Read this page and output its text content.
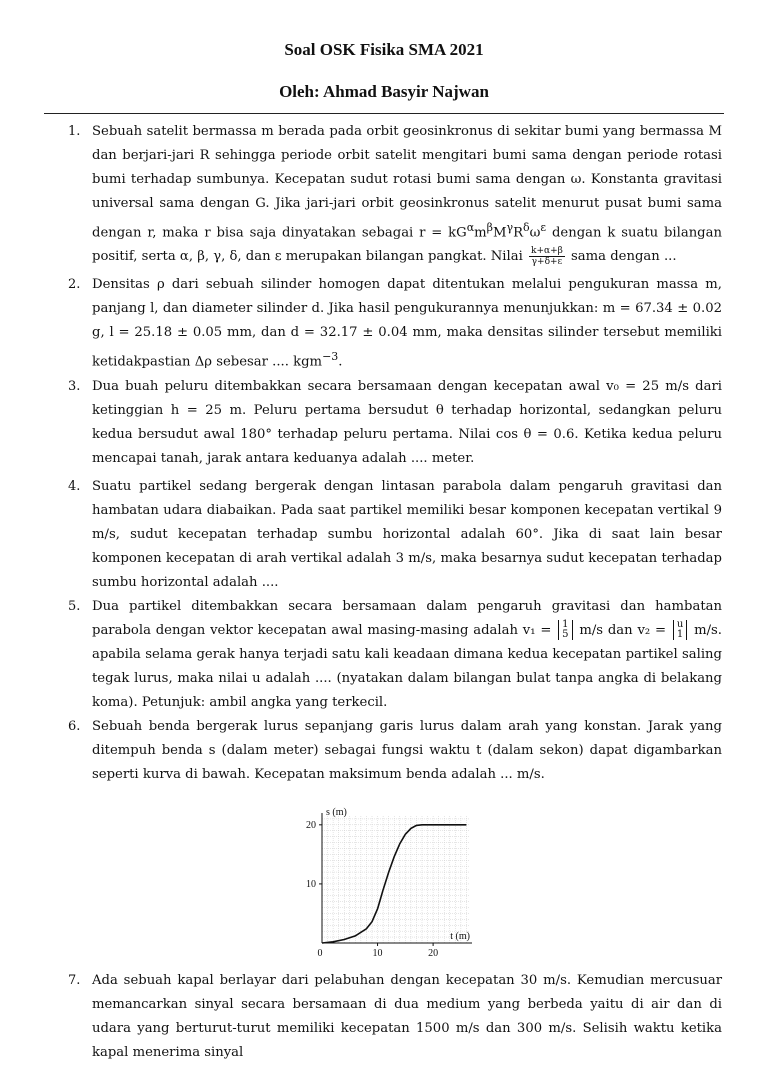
Soal OSK Fisika SMA 2021
Oleh: Ahmad Basyir Najwan
1. Sebuah satelit bermassa m berada pada orbit geosinkronus di sekitar bumi yang bermassa M dan berjari-jari R sehingga periode orbit satelit mengitari bumi sama dengan periode rotasi bumi terhadap sumbunya. Kecepatan sudut rotasi bumi sama dengan ω. Konstanta gravitasi universal sama dengan G. Jika jari-jari orbit geosinkronus satelit menurut pusat bumi sama dengan r, maka r bisa saja dinyatakan sebagai $r = kG^\alpha m^\beta M^\gamma R^\delta\omega^\varepsilon$ dengan k suatu bilangan positif, serta α, β, γ, δ, dan ε merupakan bilangan pangkat. Nilai $\frac{k+\alpha+\beta}{\gamma+\delta+\varepsilon}$ sama dengan ...
2. Densitas ρ dari sebuah silinder homogen dapat ditentukan melalui pengukuran massa m, panjang l, dan diameter silinder d. Jika hasil pengukurannya menunjukkan: m = 67.34 ± 0.02 g, l = 25.18 ± 0.05 mm, dan d = 32.17 ± 0.04 mm, maka densitas silinder tersebut memiliki ketidakpastian Δρ sebesar .... kgm$^{-3}$.
3. Dua buah peluru ditembakkan secara bersamaan dengan kecepatan awal v₀ = 25 m/s dari ketinggian h = 25 m. Peluru pertama bersudut θ terhadap horizontal, sedangkan peluru kedua bersudut awal 180° terhadap peluru pertama. Nilai cos θ = 0.6. Ketika kedua peluru mencapai tanah, jarak antara keduanya adalah .... meter.
4. Suatu partikel sedang bergerak dengan lintasan parabola dalam pengaruh gravitasi dan hambatan udara diabaikan. Pada saat partikel memiliki besar komponen kecepatan vertikal 9 m/s, sudut kecepatan terhadap sumbu horizontal adalah 60°. Jika di saat lain besar komponen kecepatan di arah vertikal adalah 3 m/s, maka besarnya sudut kecepatan terhadap sumbu horizontal adalah ....
5. Dua partikel ditembakkan secara bersamaan dalam pengaruh gravitasi dan hambatan parabola dengan vektor kecepatan awal masing-masing adalah v₁ = 1
5 m/s dan v₂ = u
1 m/s. apabila selama gerak hanya terjadi satu kali keadaan dimana kedua kecepatan partikel saling tegak lurus, maka nilai u adalah .... (nyatakan dalam bilangan bulat tanpa angka di belakang koma). Petunjuk: ambil angka yang terkecil.
6. Sebuah benda bergerak lurus sepanjang garis lurus dalam arah yang konstan. Jarak yang ditempuh benda s (dalam meter) sebagai fungsi waktu t (dalam sekon) dapat digambarkan seperti kurva di bawah. Kecepatan maksimum benda adalah ... m/s.
0	10	20
10
20
s (m)
t (m)
7. Ada sebuah kapal berlayar dari pelabuhan dengan kecepatan 30 m/s. Kemudian mercusuar memancarkan sinyal secara bersamaan di dua medium yang berbeda yaitu di air dan di udara yang berturut-turut memiliki kecepatan 1500 m/s dan 300 m/s. Selisih waktu ketika kapal menerima sinyal
